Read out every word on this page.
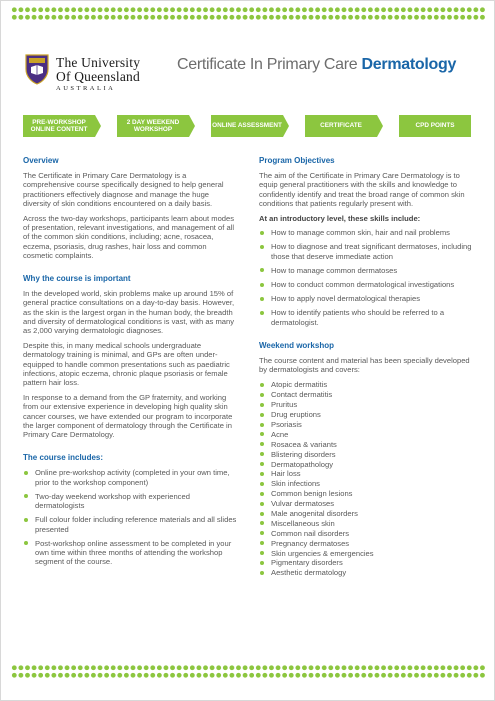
The University
Of Queensland
AUSTRALIA
Certificate In Primary Care Dermatology
PRE-WORKSHOP ONLINE CONTENT
2 DAY WEEKEND WORKSHOP
ONLINE ASSESSMENT	CERTIFICATE	CPD POINTS
Overview

The Certificate in Primary Care Dermatology is a comprehensive course specifically designed to help general practitioners effectively diagnose and manage the huge diversity of skin conditions encountered on a daily basis.

Across the two-day workshops, participants learn about modes of presentation, relevant investigations, and management of all of the common skin conditions, including; acne, rosacea, eczema, psoriasis, drug rashes, hair loss and common cosmetic complaints.

Why the course is important

In the developed world, skin problems make up around 15% of general practice consultations on a day-to-day basis. However, as the skin is the largest organ in the human body, the breadth and diversity of dermatological conditions is vast, with as many as 2,000 varying dermatologic diagnoses.

Despite this, in many medical schools undergraduate dermatology training is minimal, and GPs are often under-equipped to handle common presentations such as paediatric infections, atopic eczema, chronic plaque psoriasis or female pattern hair loss.

In response to a demand from the GP fraternity, and working from our extensive experience in developing high quality skin cancer courses, we have extended our program to incorporate the larger component of dermatology through the Certificate in Primary Care Dermatology.

The course includes:
Online pre-workshop activity (completed in your own time, prior to the workshop component)
Two-day weekend workshop with experienced dermatologists
Full colour folder including reference materials and all slides presented
Post-workshop online assessment to be completed in your own time within three months of attending the workshop segment of the course.
Program Objectives

The aim of the Certificate in Primary Care Dermatology is to equip general practitioners with the skills and knowledge to confidently identify and treat the broad range of common skin conditions that patients regularly present with.

At an introductory level, these skills include:
How to manage common skin, hair and nail problems
How to diagnose and treat significant dermatoses, including those that deserve immediate action
How to manage common dermatoses
How to conduct common dermatological investigations
How to apply novel dermatological therapies
How to identify patients who should be referred to a dermatologist.
Weekend workshop

The course content and material has been specially developed by dermatologists and covers:

Atopic dermatitis
Contact dermatitis
Pruritus
Drug eruptions
Psoriasis
Acne
Rosacea & variants
Blistering disorders
Dermatopathology
Hair loss
Skin infections
Common benign lesions
Vulvar dermatoses
Male anogenital disorders
Miscellaneous skin
Common nail disorders
Pregnancy dermatoses
Skin urgencies & emergencies
Pigmentary disorders
Aesthetic dermatology
